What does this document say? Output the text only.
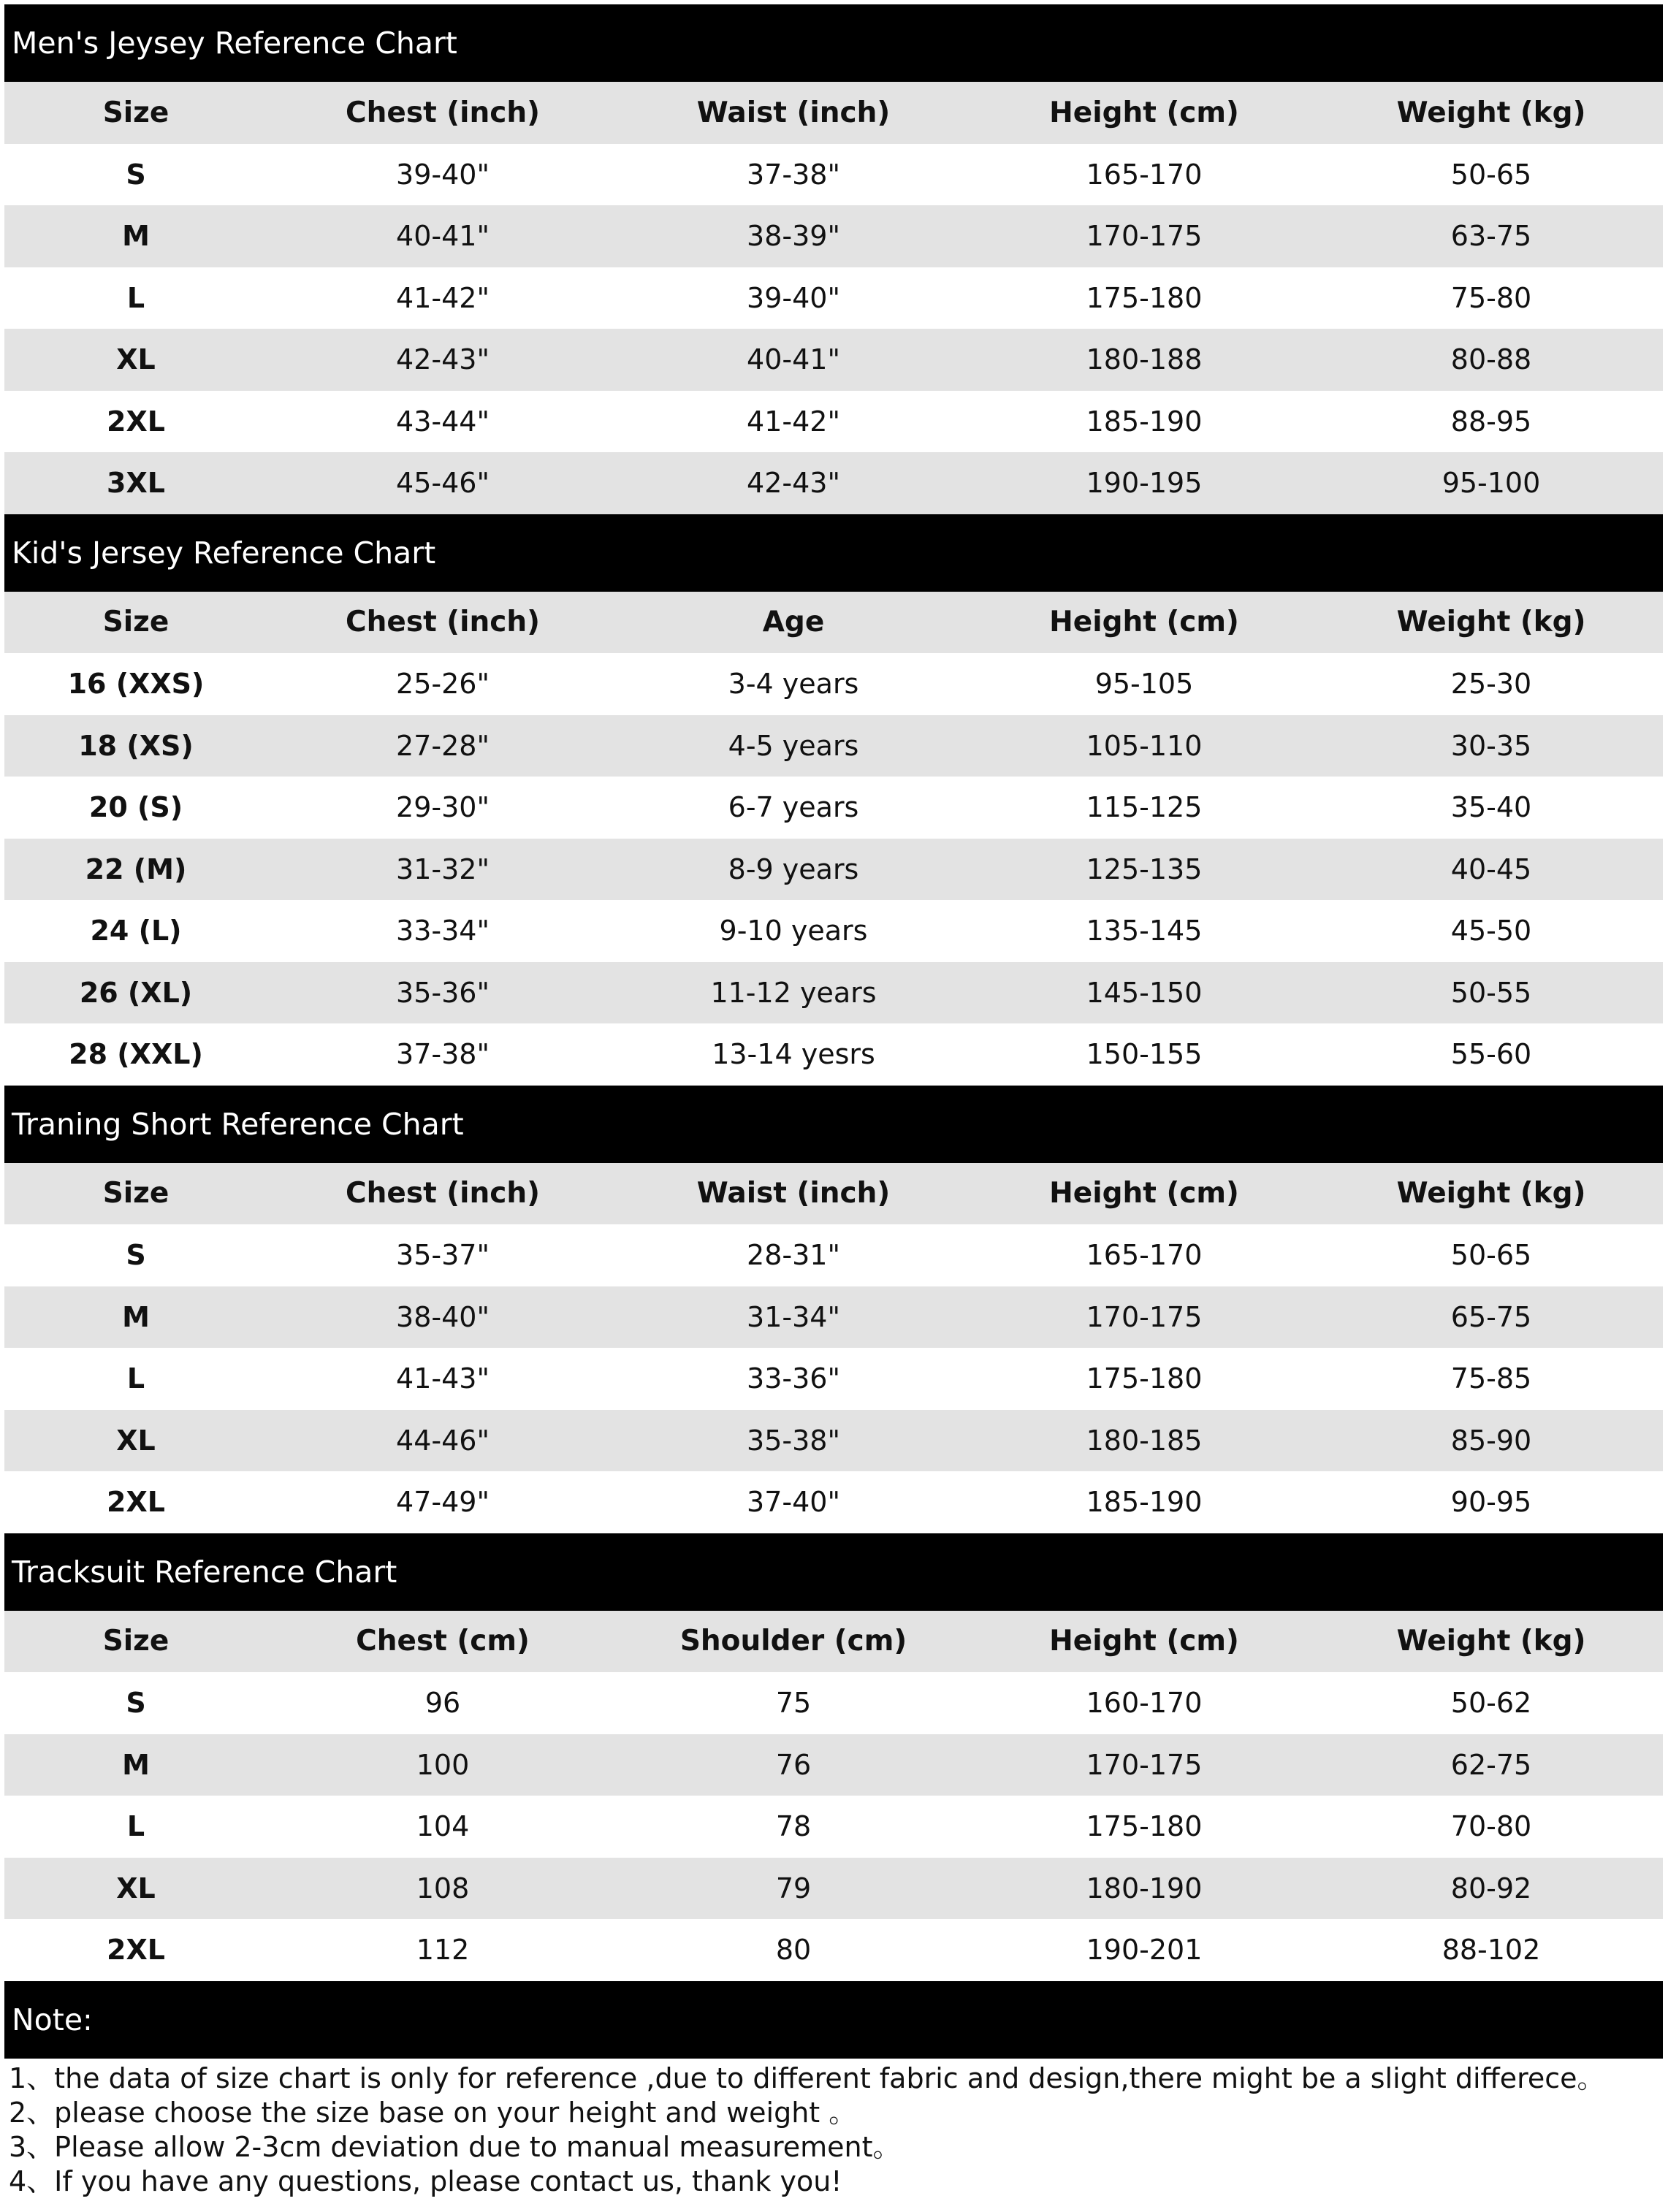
Men's Jeysey Reference Chart
Size	Chest (inch)	Waist (inch)	Height (cm)	Weight (kg)
S	39-40"	37-38"	165-170	50-65
M	40-41"	38-39"	170-175	63-75
L	41-42"	39-40"	175-180	75-80
XL	42-43"	40-41"	180-188	80-88
2XL	43-44"	41-42"	185-190	88-95
3XL	45-46"	42-43"	190-195	95-100
Kid's Jersey Reference Chart
Size	Chest (inch)	Age	Height (cm)	Weight (kg)
16 (XXS)	25-26"	3-4 years	95-105	25-30
18 (XS)	27-28"	4-5 years	105-110	30-35
20 (S)	29-30"	6-7 years	115-125	35-40
22 (M)	31-32"	8-9 years	125-135	40-45
24 (L)	33-34"	9-10 years	135-145	45-50
26 (XL)	35-36"	11-12 years	145-150	50-55
28 (XXL)	37-38"	13-14 yesrs	150-155	55-60
Traning Short Reference Chart
Size	Chest (inch)	Waist (inch)	Height (cm)	Weight (kg)
S	35-37"	28-31"	165-170	50-65
M	38-40"	31-34"	170-175	65-75
L	41-43"	33-36"	175-180	75-85
XL	44-46"	35-38"	180-185	85-90
2XL	47-49"	37-40"	185-190	90-95
Tracksuit Reference Chart
Size	Chest (cm)	Shoulder (cm)	Height (cm)	Weight (kg)
S	96	75	160-170	50-62
M	100	76	170-175	62-75
L	104	78	175-180	70-80
XL	108	79	180-190	80-92
2XL	112	80	190-201	88-102
Note:
1、the data of size chart is only for reference ,due to different fabric and design,there might be a slight differece。
2、please choose the size base on your height and weight 。
3、Please allow 2-3cm deviation due to manual measurement。
4、If you have any questions, please contact us, thank you!
